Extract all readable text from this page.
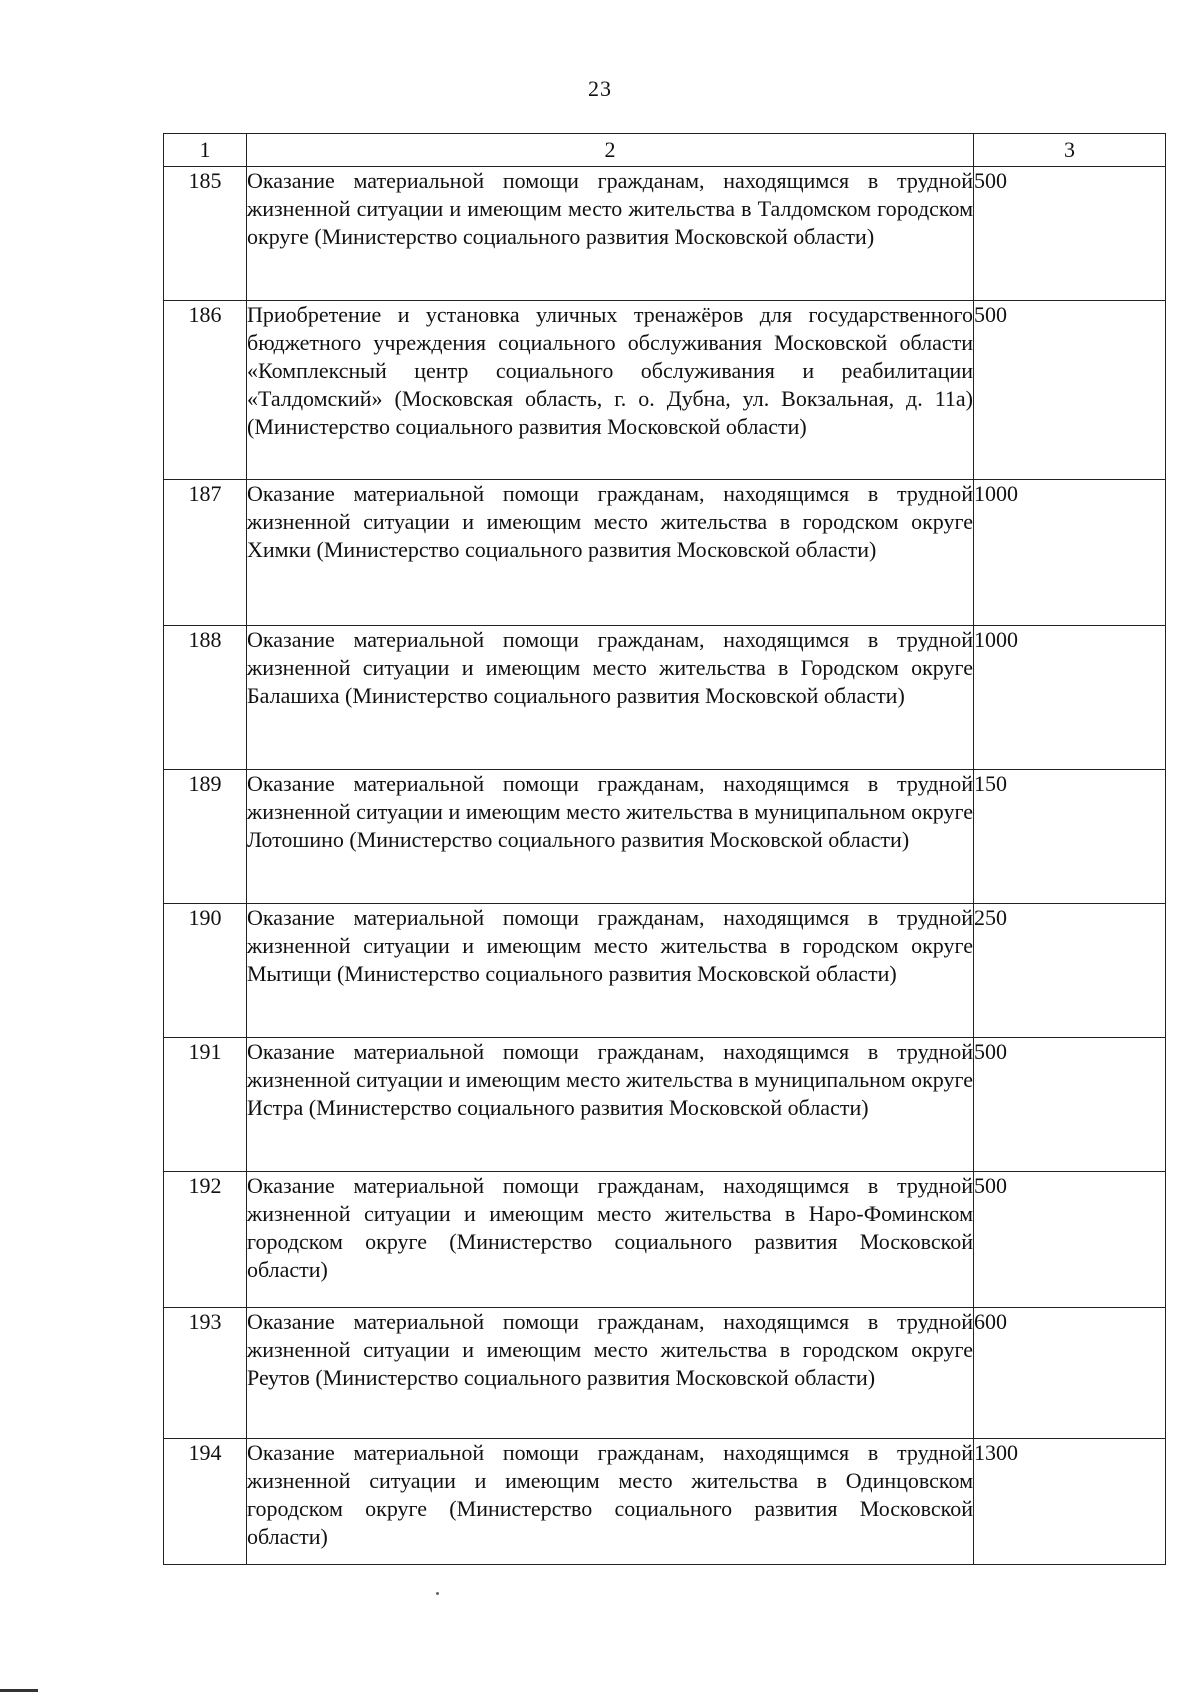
23
1	2	3
185	Оказание материальной помощи гражданам, находящимся в трудной жизненной ситуации и имеющим место жительства в Талдомском городском округе (Министерство социального развития Московской области)	500
186	Приобретение и установка уличных тренажёров для государственного бюджетного учреждения социального обслуживания Московской области «Комплексный центр социального обслуживания и реабилитации «Талдомский» (Московская область, г. о. Дубна, ул. Вокзальная, д. 11а) (Министерство социального развития Московской области)	500
187	Оказание материальной помощи гражданам, находящимся в трудной жизненной ситуации и имеющим место жительства в городском округе Химки (Министерство социального развития Московской области)	1000
188	Оказание материальной помощи гражданам, находящимся в трудной жизненной ситуации и имеющим место жительства в Городском округе Балашиха (Министерство социального развития Московской области)	1000
189	Оказание материальной помощи гражданам, находящимся в трудной жизненной ситуации и имеющим место жительства в муниципальном округе Лотошино (Министерство социального развития Московской области)	150
190	Оказание материальной помощи гражданам, находящимся в трудной жизненной ситуации и имеющим место жительства в городском округе Мытищи (Министерство социального развития Московской области)	250
191	Оказание материальной помощи гражданам, находящимся в трудной жизненной ситуации и имеющим место жительства в муниципальном округе Истра (Министерство социального развития Московской области)	500
192	Оказание материальной помощи гражданам, находящимся в трудной жизненной ситуации и имеющим место жительства в Наро-Фоминском городском округе (Министерство социального развития Московской области)	500
193	Оказание материальной помощи гражданам, находящимся в трудной жизненной ситуации и имеющим место жительства в городском округе Реутов (Министерство социального развития Московской области)	600
194	Оказание материальной помощи гражданам, находящимся в трудной жизненной ситуации и имеющим место жительства в Одинцовском городском округе (Министерство социального развития Московской области)	1300
